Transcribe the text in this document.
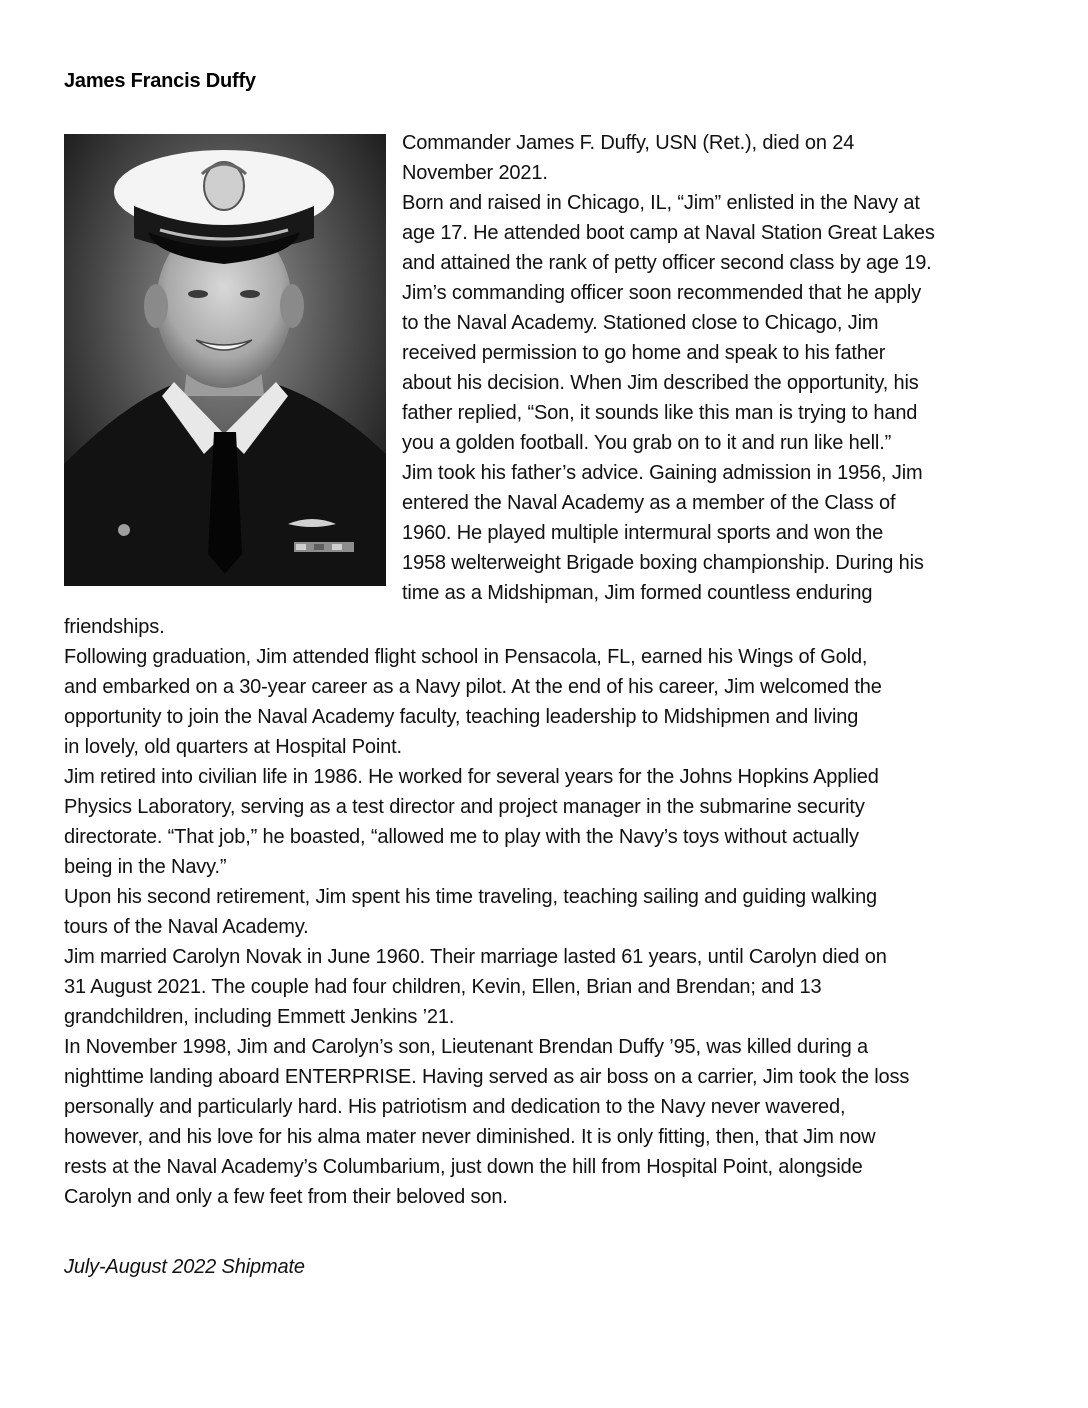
James Francis Duffy

Commander James F. Duffy, USN (Ret.), died on 24

November 2021.

Born and raised in Chicago, IL, “Jim” enlisted in the Navy at

age 17. He attended boot camp at Naval Station Great Lakes

and attained the rank of petty officer second class by age 19.

Jim’s commanding officer soon recommended that he apply

to the Naval Academy. Stationed close to Chicago, Jim

received permission to go home and speak to his father

about his decision. When Jim described the opportunity, his

father replied, “Son, it sounds like this man is trying to hand

you a golden football. You grab on to it and run like hell.”

Jim took his father’s advice. Gaining admission in 1956, Jim

entered the Naval Academy as a member of the Class of

1960. He played multiple intermural sports and won the

1958 welterweight Brigade boxing championship. During his

time as a Midshipman, Jim formed countless enduring

friendships.

Following graduation, Jim attended flight school in Pensacola, FL, earned his Wings of Gold,

and embarked on a 30-year career as a Navy pilot. At the end of his career, Jim welcomed the

opportunity to join the Naval Academy faculty, teaching leadership to Midshipmen and living

in lovely, old quarters at Hospital Point.

Jim retired into civilian life in 1986. He worked for several years for the Johns Hopkins Applied

Physics Laboratory, serving as a test director and project manager in the submarine security

directorate. “That job,” he boasted, “allowed me to play with the Navy’s toys without actually

being in the Navy.”

Upon his second retirement, Jim spent his time traveling, teaching sailing and guiding walking

tours of the Naval Academy.

Jim married Carolyn Novak in June 1960. Their marriage lasted 61 years, until Carolyn died on

31 August 2021. The couple had four children, Kevin, Ellen, Brian and Brendan; and 13

grandchildren, including Emmett Jenkins ’21.

In November 1998, Jim and Carolyn’s son, Lieutenant Brendan Duffy ’95, was killed during a

nighttime landing aboard ENTERPRISE. Having served as air boss on a carrier, Jim took the loss

personally and particularly hard. His patriotism and dedication to the Navy never wavered,

however, and his love for his alma mater never diminished. It is only fitting, then, that Jim now

rests at the Naval Academy’s Columbarium, just down the hill from Hospital Point, alongside

Carolyn and only a few feet from their beloved son.

July-August 2022 Shipmate
